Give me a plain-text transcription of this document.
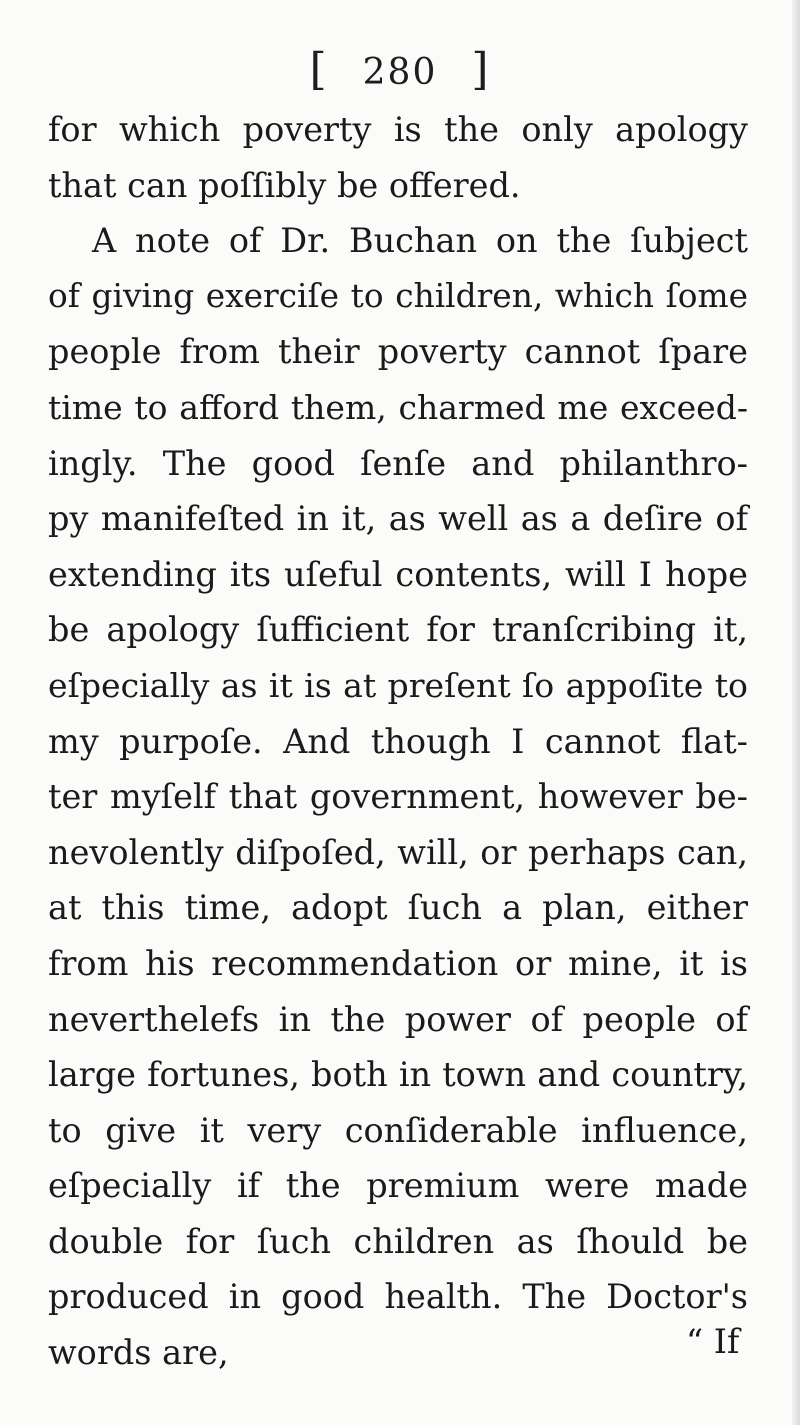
[ 280 ]
for which poverty is the only apology
that can poſſibly be offered.
A note of Dr. Buchan on the ſubject
of giving exerciſe to children, which ſome
people from their poverty cannot ſpare
time to afford them, charmed me exceed-
ingly. The good ſenſe and philanthro-
py manifeſted in it, as well as a deſire of
extending its uſeful contents, will I hope
be apology ſufficient for tranſcribing it,
eſpecially as it is at preſent ſo appoſite to
my purpoſe. And though I cannot flat-
ter myſelf that government, however be-
nevolently diſpoſed, will, or perhaps can,
at this time, adopt ſuch a plan, either
from his recommendation or mine, it is
neverthelefs in the power of people of
large fortunes, both in town and country,
to give it very conſiderable influence,
eſpecially if the premium were made
double for ſuch children as ſhould be
produced in good health. The Doctor's
words are,	“ If
